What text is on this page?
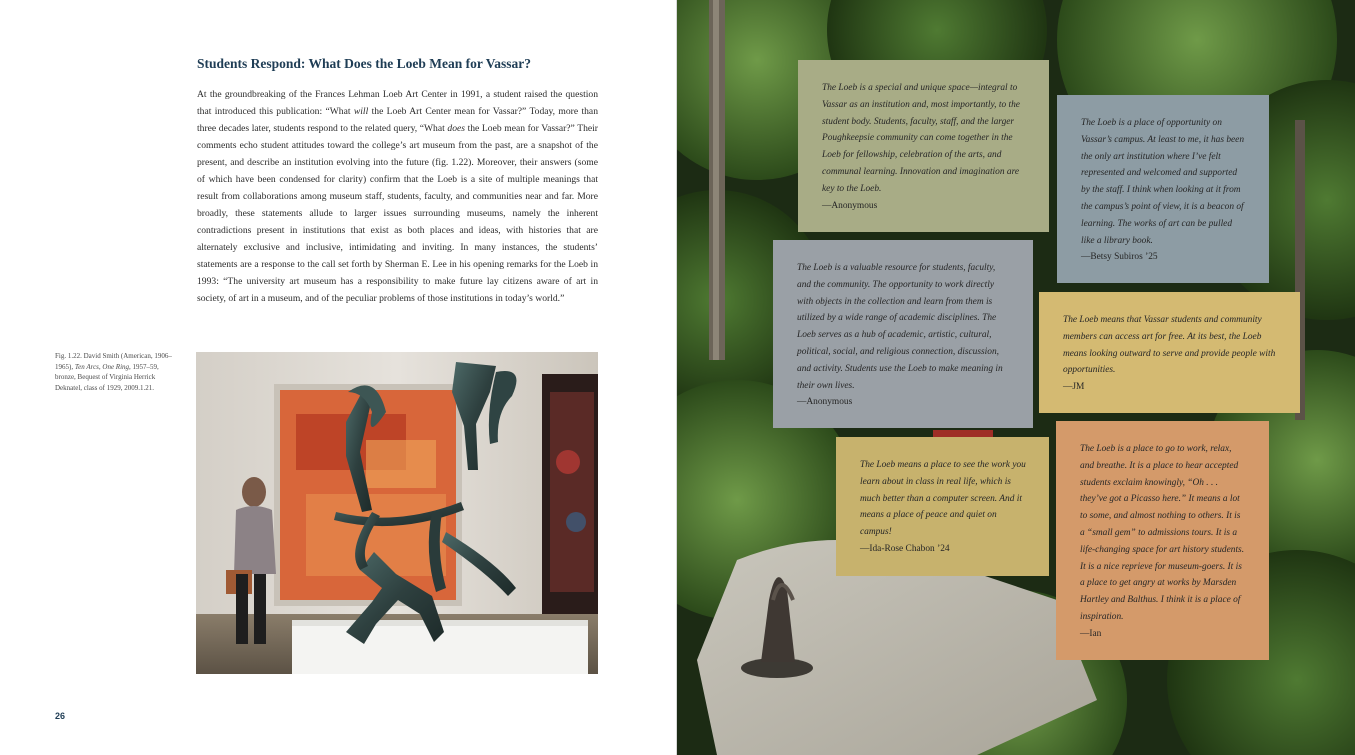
Students Respond: What Does the Loeb Mean for Vassar?

At the groundbreaking of the Frances Lehman Loeb Art Center in 1991, a student raised the question that introduced this publication: “What will the Loeb Art Center mean for Vassar?” Today, more than three decades later, students respond to the related query, “What does the Loeb mean for Vassar?” Their comments echo student attitudes toward the college’s art museum from the past, are a snapshot of the present, and describe an institution evolving into the future (fig. 1.22). Moreover, their answers (some of which have been condensed for clarity) confirm that the Loeb is a site of multiple meanings that result from collaborations among museum staff, students, faculty, and communities near and far. More broadly, these statements allude to larger issues surrounding museums, namely the inherent contradictions present in institutions that exist as both places and ideas, with histories that are alternately exclusive and inclusive, intimidating and inviting. In many instances, the students’ statements are a response to the call set forth by Sherman E. Lee in his opening remarks for the Loeb in 1993: “The university art museum has a responsibility to make future lay citizens aware of art in society, of art in a museum, and of the peculiar problems of those institutions in today’s world.”

Fig. 1.22. David Smith (American, 1906–1965), Ten Arcs, One Ring, 1957–59, bronze, Bequest of Virginia Herrick Deknatel, class of 1929, 2009.1.21.
26

The Loeb is a special and unique space—integral to Vassar as an institution and, most importantly, to the student body. Students, faculty, staff, and the larger Poughkeepsie community can come together in the Loeb for fellowship, celebration of the arts, and communal learning. Innovation and imagination are key to the Loeb.

—Anonymous

The Loeb is a place of opportunity on Vassar’s campus. At least to me, it has been the only art institution where I’ve felt represented and welcomed and supported by the staff. I think when looking at it from the campus’s point of view, it is a beacon of learning. The works of art can be pulled like a library book.

—Betsy Subiros ’25

The Loeb is a valuable resource for students, faculty, and the community. The opportunity to work directly with objects in the collection and learn from them is utilized by a wide range of academic disciplines. The Loeb serves as a hub of academic, artistic, cultural, political, social, and religious connection, discussion, and activity. Students use the Loeb to make meaning in their own lives.

—Anonymous

The Loeb means that Vassar students and community members can access art for free. At its best, the Loeb means looking outward to serve and provide people with opportunities.

—JM

The Loeb means a place to see the work you learn about in class in real life, which is much better than a computer screen. And it means a place of peace and quiet on campus!

—Ida-Rose Chabon ’24

The Loeb is a place to go to work, relax, and breathe. It is a place to hear accepted students exclaim knowingly, “Oh . . . they’ve got a Picasso here.” It means a lot to some, and almost nothing to others. It is a “small gem” to admissions tours. It is a life-changing space for art history students. It is a nice reprieve for museum-goers. It is a place to get angry at works by Marsden Hartley and Balthus. I think it is a place of inspiration.

—Ian
